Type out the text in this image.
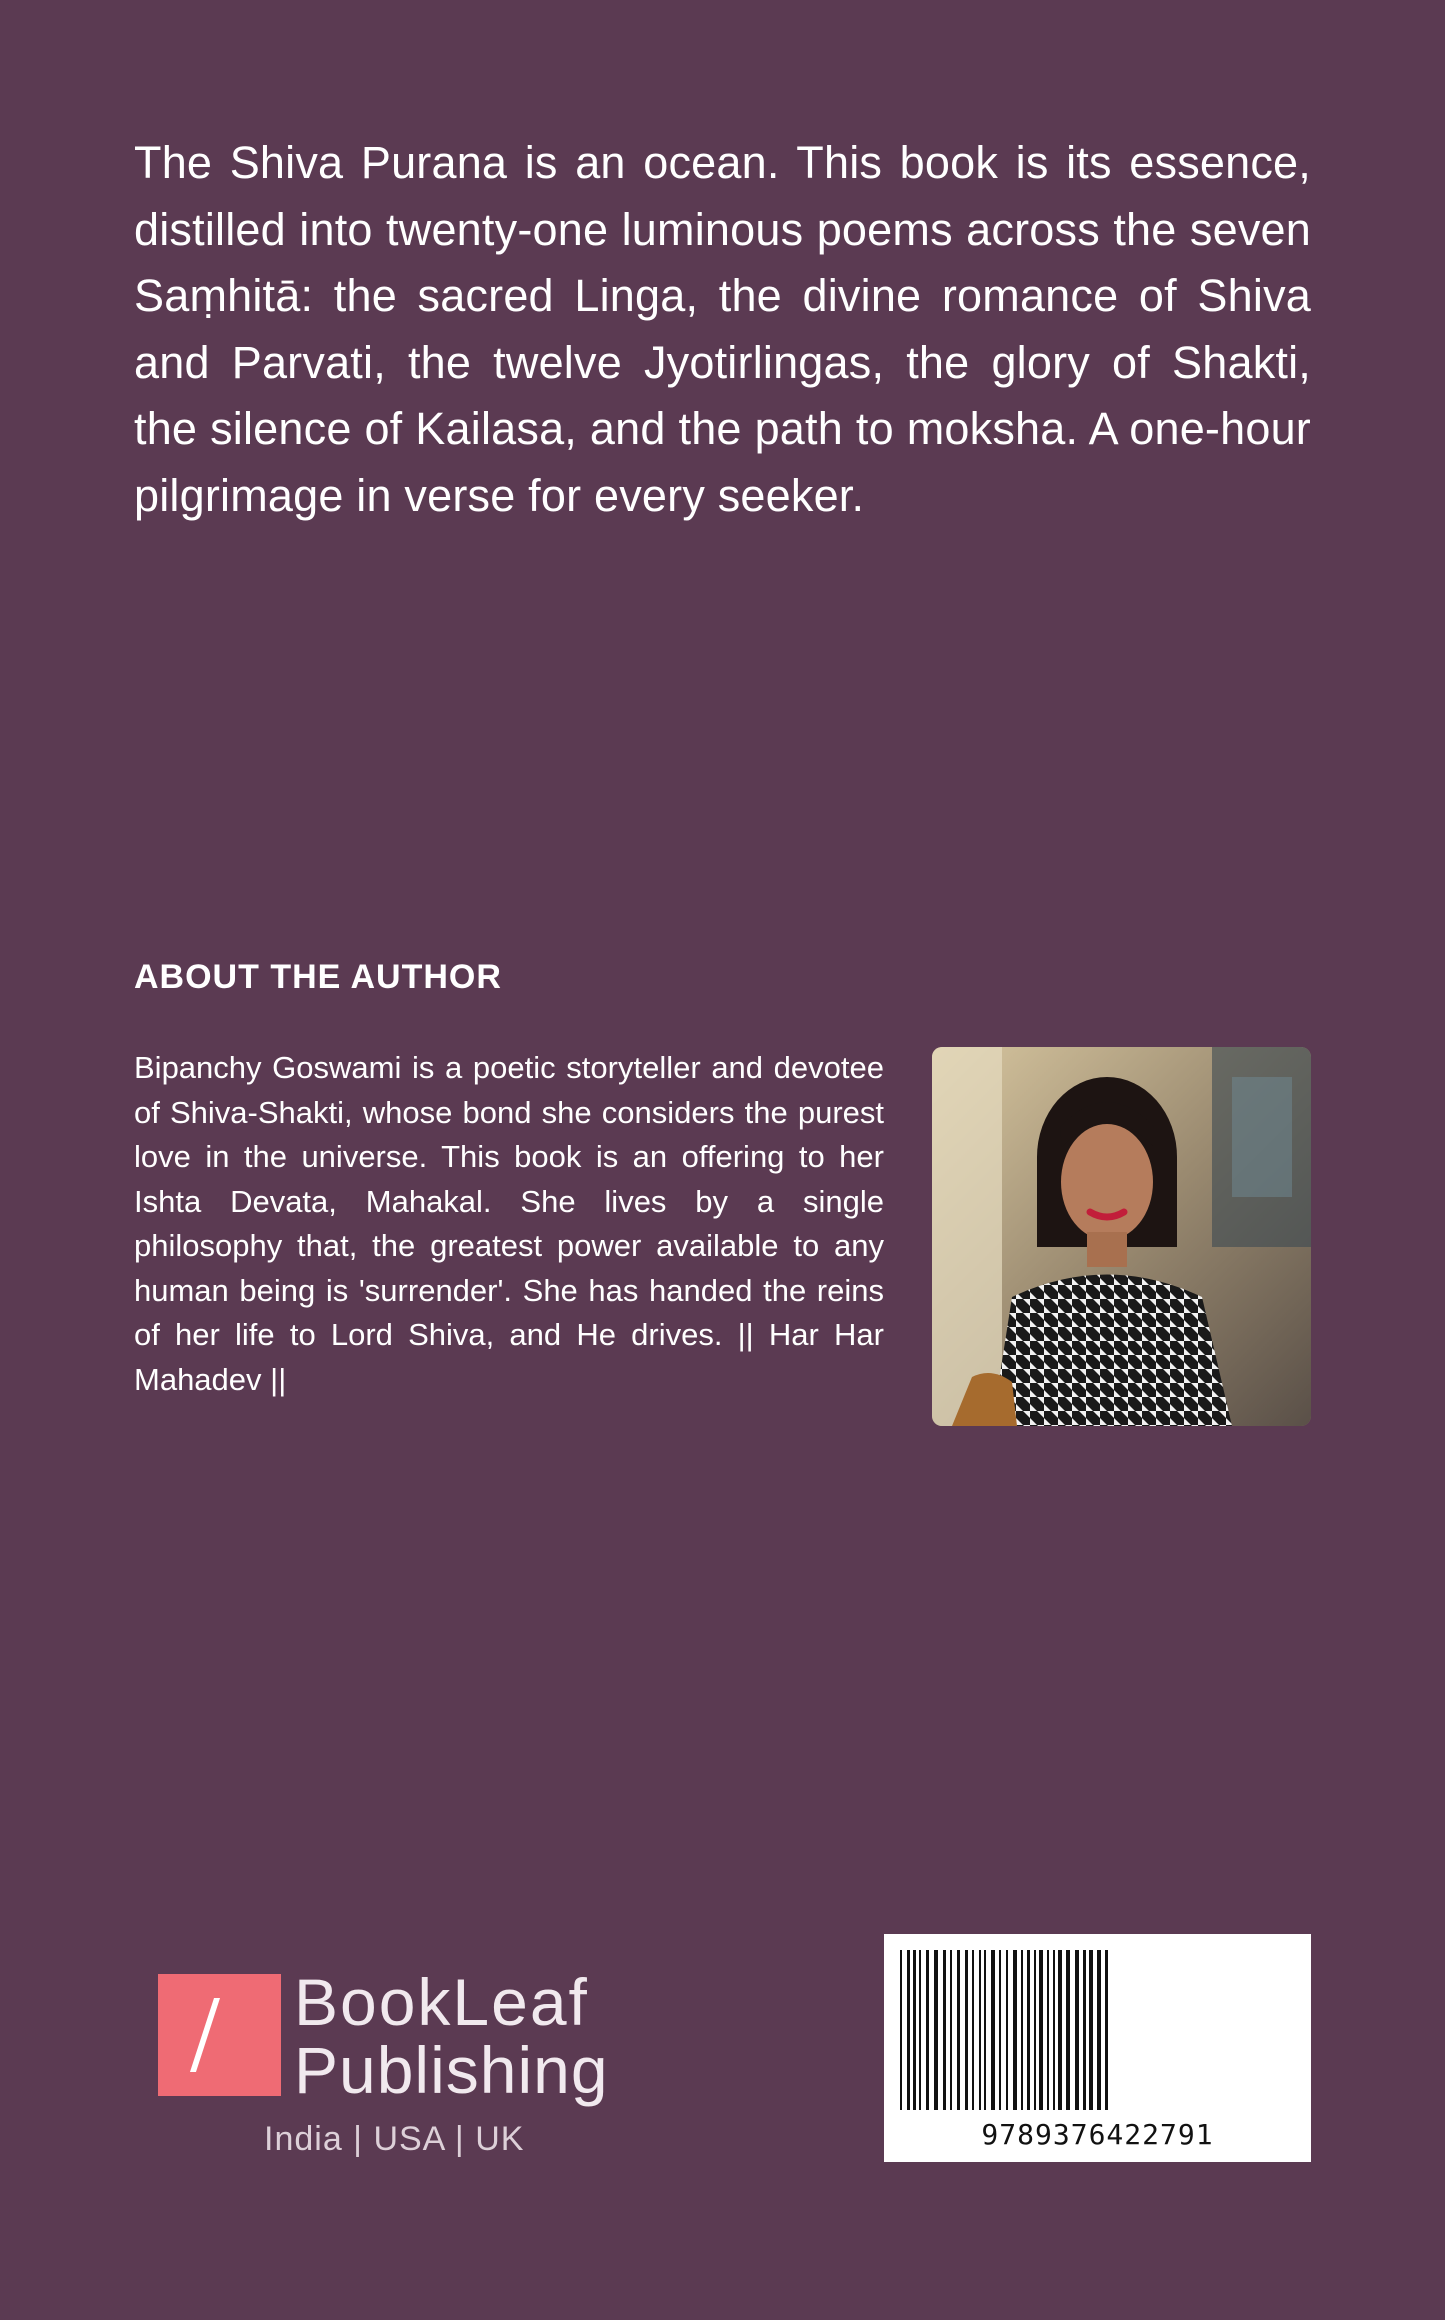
The Shiva Purana is an ocean. This book is its essence, distilled into twenty-one luminous poems across the seven Saṃhitā: the sacred Linga, the divine romance of Shiva and Parvati, the twelve Jyotirlingas, the glory of Shakti, the silence of Kailasa, and the path to moksha. A one-hour pilgrimage in verse for every seeker.

ABOUT THE AUTHOR

Bipanchy Goswami is a poetic storyteller and devotee of Shiva-Shakti, whose bond she considers the purest love in the universe. This book is an offering to her Ishta Devata, Mahakal. She lives by a single philosophy that, the greatest power available to any human being is 'surrender'. She has handed the reins of her life to Lord Shiva, and He drives. || Har Har Mahadev ||

BookLeaf
Publishing
India | USA | UK	9789376422791
